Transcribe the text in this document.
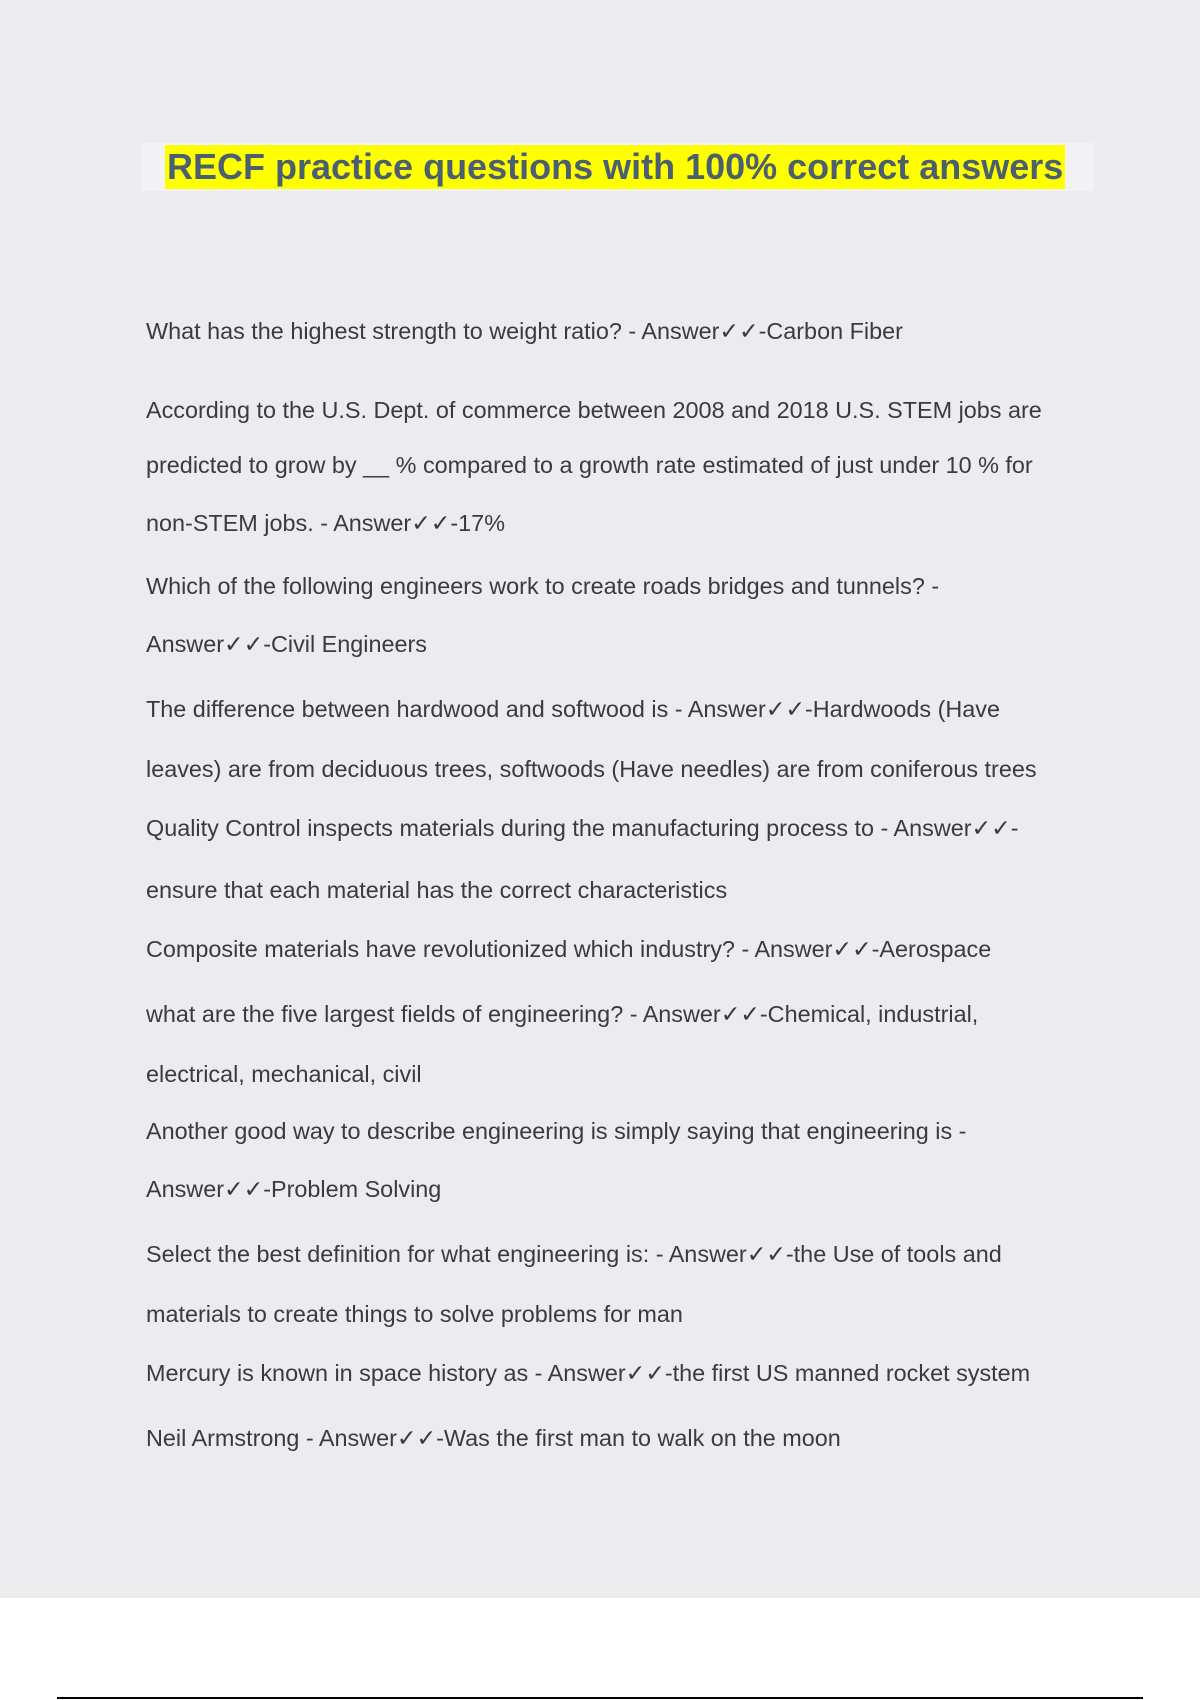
RECF practice questions with 100% correct answers
What has the highest strength to weight ratio? - Answer✓✓-Carbon Fiber
According to the U.S. Dept. of commerce between 2008 and 2018 U.S. STEM jobs are
predicted to grow by __ % compared to a growth rate estimated of just under 10 % for
non-STEM jobs. - Answer✓✓-17%
Which of the following engineers work to create roads bridges and tunnels? -
Answer✓✓-Civil Engineers
The difference between hardwood and softwood is - Answer✓✓-Hardwoods (Have
leaves) are from deciduous trees, softwoods (Have needles) are from coniferous trees
Quality Control inspects materials during the manufacturing process to - Answer✓✓-
ensure that each material has the correct characteristics
Composite materials have revolutionized which industry? - Answer✓✓-Aerospace
what are the five largest fields of engineering? - Answer✓✓-Chemical, industrial,
electrical, mechanical, civil
Another good way to describe engineering is simply saying that engineering is -
Answer✓✓-Problem Solving
Select the best definition for what engineering is: - Answer✓✓-the Use of tools and
materials to create things to solve problems for man
Mercury is known in space history as - Answer✓✓-the first US manned rocket system
Neil Armstrong - Answer✓✓-Was the first man to walk on the moon
